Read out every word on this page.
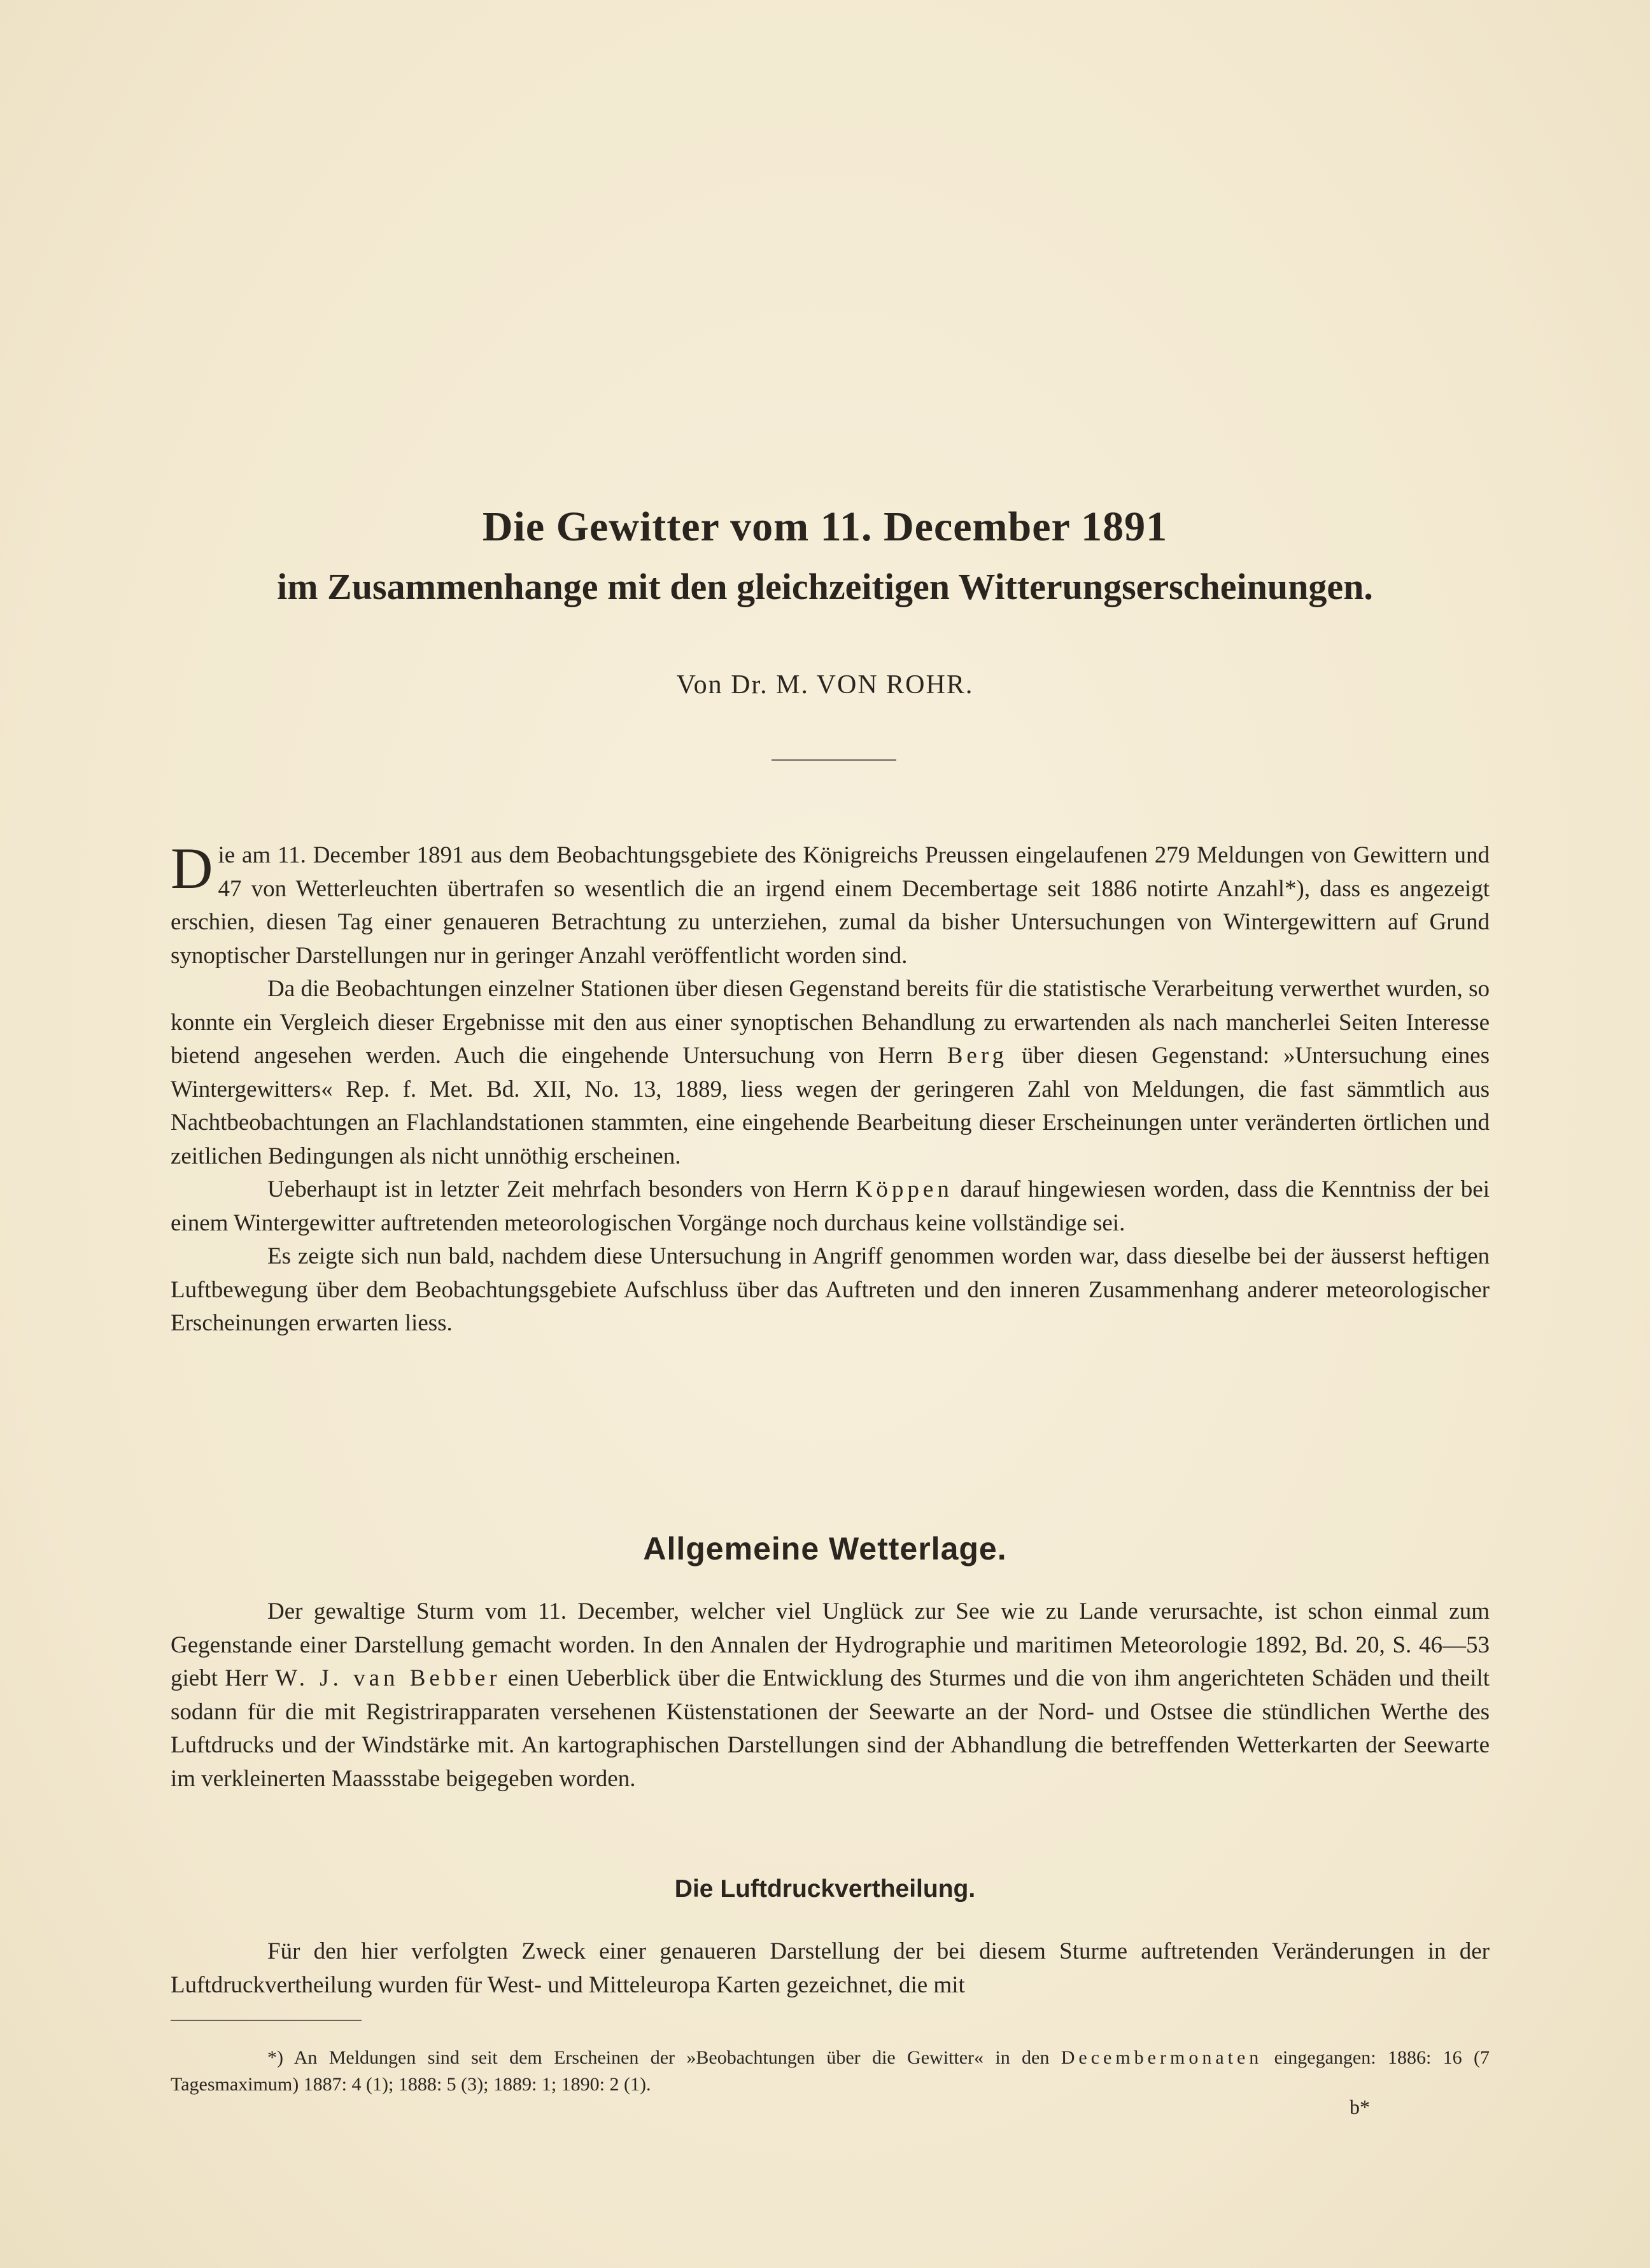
Die Gewitter vom 11. December 1891
im Zusammenhange mit den gleichzeitigen Witterungserscheinungen.
Von Dr. M. VON ROHR.

Die am 11. December 1891 aus dem Beobachtungsgebiete des Königreichs Preussen eingelaufenen 279 Meldungen von Gewittern und 47 von Wetterleuchten übertrafen so wesentlich die an irgend einem Decembertage seit 1886 notirte Anzahl*), dass es angezeigt erschien, diesen Tag einer genaueren Betrachtung zu unterziehen, zumal da bisher Untersuchungen von Wintergewittern auf Grund synoptischer Darstellungen nur in geringer Anzahl veröffentlicht worden sind.

Da die Beobachtungen einzelner Stationen über diesen Gegenstand bereits für die statistische Verarbeitung verwerthet wurden, so konnte ein Vergleich dieser Ergebnisse mit den aus einer synoptischen Behandlung zu erwartenden als nach mancherlei Seiten Interesse bietend angesehen werden. Auch die eingehende Untersuchung von Herrn Berg über diesen Gegenstand: »Untersuchung eines Wintergewitters« Rep. f. Met. Bd. XII, No. 13, 1889, liess wegen der geringeren Zahl von Meldungen, die fast sämmtlich aus Nachtbeobachtungen an Flachlandstationen stammten, eine eingehende Bearbeitung dieser Erscheinungen unter veränderten örtlichen und zeitlichen Bedingungen als nicht unnöthig erscheinen.

Ueberhaupt ist in letzter Zeit mehrfach besonders von Herrn Köppen darauf hingewiesen worden, dass die Kenntniss der bei einem Wintergewitter auftretenden meteorologischen Vorgänge noch durchaus keine vollständige sei.

Es zeigte sich nun bald, nachdem diese Untersuchung in Angriff genommen worden war, dass dieselbe bei der äusserst heftigen Luftbewegung über dem Beobachtungsgebiete Aufschluss über das Auftreten und den inneren Zusammenhang anderer meteorologischer Erscheinungen erwarten liess.

Allgemeine Wetterlage.

Der gewaltige Sturm vom 11. December, welcher viel Unglück zur See wie zu Lande verursachte, ist schon einmal zum Gegenstande einer Darstellung gemacht worden. In den Annalen der Hydrographie und maritimen Meteorologie 1892, Bd. 20, S. 46—53 giebt Herr W. J. van Bebber einen Ueberblick über die Entwicklung des Sturmes und die von ihm angerichteten Schäden und theilt sodann für die mit Registrirapparaten versehenen Küstenstationen der Seewarte an der Nord- und Ostsee die stündlichen Werthe des Luftdrucks und der Windstärke mit. An kartographischen Darstellungen sind der Abhandlung die betreffenden Wetterkarten der Seewarte im verkleinerten Maassstabe beigegeben worden.

Die Luftdruckvertheilung.

Für den hier verfolgten Zweck einer genaueren Darstellung der bei diesem Sturme auftretenden Veränderungen in der Luftdruckvertheilung wurden für West- und Mitteleuropa Karten gezeichnet, die mit

*) An Meldungen sind seit dem Erscheinen der »Beobachtungen über die Gewitter« in den Decembermonaten eingegangen: 1886: 16 (7 Tagesmaximum) 1887: 4 (1); 1888: 5 (3); 1889: 1; 1890: 2 (1).
b*
